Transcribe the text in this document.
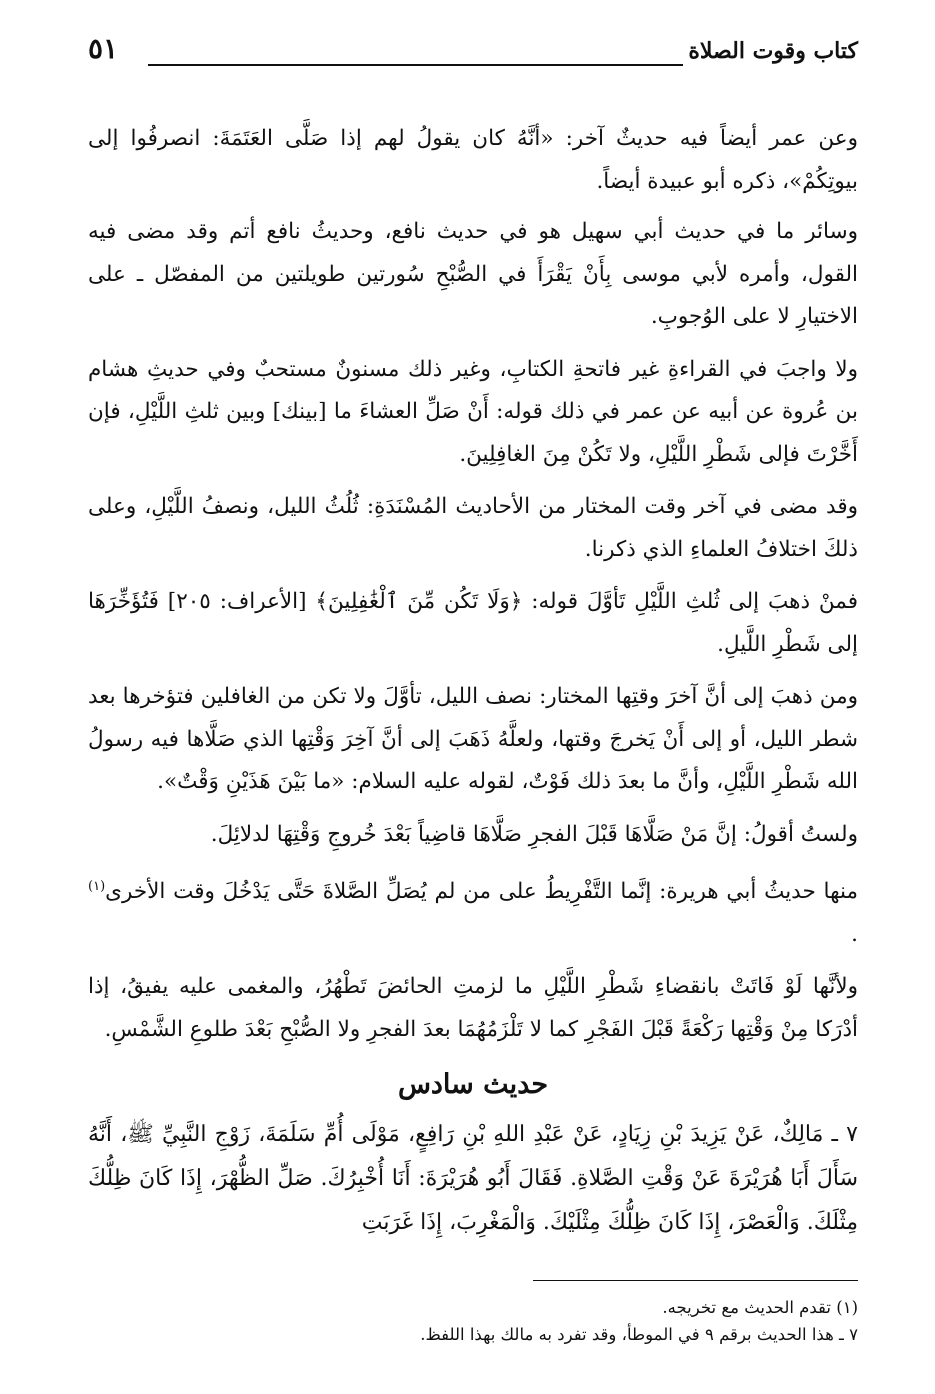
كتاب وقوت الصلاة
٥١

وعن عمر أيضاً فيه حديثٌ آخر: «أنَّهُ كان يقولُ لهم إذا صَلَّى العَتَمَةَ: انصرفُوا إلى بيوتِكُمْ»، ذكره أبو عبيدة أيضاً.

وسائر ما في حديث أبي سهيل هو في حديث نافع، وحديثُ نافع أتم وقد مضى فيه القول، وأمره لأبي موسى بِأَنْ يَقْرَأَ في الصُّبْحِ سُورتين طويلتين من المفصّل ـ على الاختيارِ لا على الوُجوبِ.

ولا واجبَ في القراءةِ غير فاتحةِ الكتابِ، وغير ذلك مسنونٌ مستحبٌ وفي حديثِ هشام بن عُروة عن أبيه عن عمر في ذلك قوله: أَنْ صَلِّ العشاءَ ما [بينك] وبين ثلثِ اللَّيْلِ، فإن أَخَّرْتَ فإلى شَطْرِ اللَّيْلِ، ولا تَكُنْ مِنَ الغافِلِينَ.

وقد مضى في آخر وقت المختار من الأحاديث المُسْنَدَةِ: ثُلُثُ الليل، ونصفُ اللَّيْلِ، وعلى ذلكَ اختلافُ العلماءِ الذي ذكرنا.

فمنْ ذهبَ إلى ثُلثِ اللَّيْلِ تَأوَّلَ قوله: ﴿وَلَا تَكُن مِّنَ ٱلْغَٰفِلِينَ﴾ [الأعراف: ٢٠٥] فَتُؤَخِّرَهَا إلى شَطْرِ اللَّيلِ.

ومن ذهبَ إلى أنَّ آخرَ وقتِها المختار: نصف الليل، تأوَّلَ ولا تكن من الغافلين فتؤخرها بعد شطر الليل، أو إلى أَنْ يَخرجَ وقتها، ولعلَّهُ ذَهَبَ إلى أنَّ آخِرَ وَقْتِها الذي صَلَّاها فيه رسولُ الله شَطْرِ اللَّيْلِ، وأنَّ ما بعدَ ذلك فَوْتٌ، لقوله عليه السلام: «ما بَيْنَ هَذَيْنِ وَقْتٌ».

ولستُ أقولُ: إنَّ مَنْ صَلَّاهَا قَبْلَ الفجرِ صَلَّاهَا قاضِياً بَعْدَ خُروجِ وَقْتِهَا لدلائِلَ.

منها حديثُ أبي هريرة: إنَّما التَّفْرِيطُ على من لم يُصَلِّ الصَّلاةَ حَتَّى يَدْخُلَ وقت الأخرى$^{(١)}$ .

ولأنَّها لَوْ فَاتَتْ بانقضاءِ شَطْرِ اللَّيْلِ ما لزمتِ الحائضَ تَطْهُرُ، والمغمى عليه يفيقُ، إذا أدْرَكا مِنْ وَقْتِها رَكْعَةً قَبْلَ الفَجْرِ كما لا تَلْزَمُهُمَا بعدَ الفجرِ ولا الصُّبْحِ بَعْدَ طلوعِ الشَّمْسِ.

حديث سادس

٧ ـ مَالِكٌ، عَنْ يَزِيدَ بْنِ زِيَادٍ، عَنْ عَبْدِ اللهِ بْنِ رَافِعٍ، مَوْلَى أُمِّ سَلَمَةَ، زَوْجِ النَّبِيِّ ﷺ، أَنَّهُ سَأَلَ أَبَا هُرَيْرَةَ عَنْ وَقْتِ الصَّلاةِ. فَقَالَ أَبُو هُرَيْرَةَ: أَنَا أُخْبِرُكَ. صَلِّ الظُّهْرَ، إِذَا كَانَ ظِلُّكَ مِثْلَكَ. وَالْعَصْرَ، إِذَا كَانَ ظِلُّكَ مِثْلَيْكَ. وَالْمَغْرِبَ، إِذَا غَرَبَتِ

(١) تقدم الحديث مع تخريجه.

٧ ـ هذا الحديث برقم ٩ في الموطأ، وقد تفرد به مالك بهذا اللفظ.
